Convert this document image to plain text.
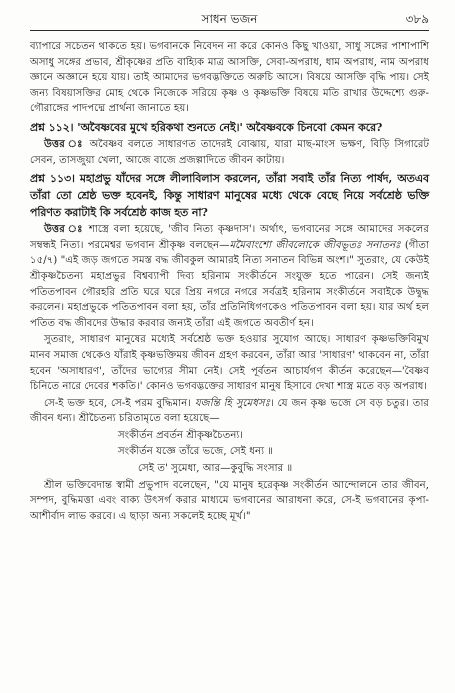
সাধন ভজন	৩৮৯

ব্যাপারে সচেতন থাকতে হয়। ভগবানকে নিবেদন না করে কোনও কিছু খাওয়া, সাধু সঙ্গের পাশাপাশি অসাধু সঙ্গের প্রভাব, শ্রীকৃষ্ণের প্রতি বাহ্যিক মাত্র আসক্তি, সেবা-অপরাধ, ধাম অপরাধ, নাম অপরাধ জ্ঞানে অজ্ঞানে হয়ে যায়। তাই আমাদের ভগবদ্ভক্তিতে অরুচি আসে। বিষয়ে আসক্তি বৃদ্ধি পায়। সেই জন্য বিষয়াসক্তির মোহ থেকে নিজেকে সরিয়ে কৃষ্ণ ও কৃষ্ণভক্তি বিষয়ে মতি রাখার উদ্দেশ্যে গুরু-গৌরাঙ্গের পাদপদ্মে প্রার্থনা জানাতে হয়।

প্রশ্ন ১১২। 'অবৈষ্ণবের মুখে হরিকথা শুনতে নেই।' অবৈষ্ণবকে চিনবো কেমন করে?

উত্তর ঃ অবৈষ্ণব বলতে সাধারণত তাদেরই বোঝায়, যারা মাছ-মাংস ভক্ষণ, বিড়ি সিগারেট সেবন, তাসজুয়া খেলা, আজে বাজে প্রজল্পাদিতে জীবন কাটায়।

প্রশ্ন ১১৩। মহাপ্রভু যাঁদের সঙ্গে লীলাবিলাস করলেন, তাঁরা সবাই তাঁর নিত্য পার্ষদ, অতএব তাঁরা তো শ্রেষ্ঠ ভক্ত হবেনই, কিন্তু সাধারণ মানুষের মধ্যে থেকে বেছে নিয়ে সর্বশ্রেষ্ঠ ভক্তি পরিণত করাটাই কি সর্বশ্রেষ্ঠ কাজ হত না?

উত্তর ঃ শাস্ত্রে বলা হয়েছে, 'জীব নিত্য কৃষ্ণদাস'। অর্থাৎ, ভগবানের সঙ্গে আমাদের সকলের সম্বন্ধই নিত্য। পরমেশ্বর ভগবান শ্রীকৃষ্ণ বলছেন—মমৈবাংশো জীবলোকে জীবভূতঃ সনাতনঃ (গীতা ১৫/৭) "এই জড় জগতে সমস্ত বদ্ধ জীবকুল আমারই নিত্য সনাতন বিভিন্ন অংশ।" সুতরাং, যে কেউই শ্রীকৃষ্ণচৈতন্য মহাপ্রভুর বিশ্বব্যাপী দিব্য হরিনাম সংকীর্তনে সংযুক্ত হতে পারেন। সেই জন্যই পতিতপাবন গৌরহরি প্রতি ঘরে ঘরে প্রিয় নগরে নগরে সর্বত্রই হরিনাম সংকীর্তনে সবাইকে উদ্বুদ্ধ করলেন। মহাপ্রভুকে পতিতপাবন বলা হয়, তাঁর প্রতিনিধিগণকেও পতিতপাবন বলা হয়। যার অর্থ হল পতিত বদ্ধ জীবদের উদ্ধার করবার জন্যই তাঁরা এই জগতে অবতীর্ণ হন।

সুতরাং, সাধারণ মানুষের মধ্যেই সর্বশ্রেষ্ঠ ভক্ত হওয়ার সুযোগ আছে। সাধারণ কৃষ্ণভক্তিবিমুখ মানব সমাজ থেকেও যাঁরাই কৃষ্ণভক্তিময় জীবন গ্রহণ করবেন, তাঁরা আর 'সাধারণ' থাকবেন না, তাঁরা হবেন 'অসাধারণ', তাঁদের ভাগ্যের সীমা নেই। সেই পূর্বতন আচার্যগণ কীর্তন করেছেন—'বৈষ্ণব চিনিতে নারে দেবের শকতি।' কোনও ভগবদ্ভক্তের সাধারণ মানুষ হিসাবে দেখা শাস্ত্র মতে বড় অপরাধ।

সে-ই ভক্ত হবে, সে-ই পরম বুদ্ধিমান। যজন্তি হি সুমেধসঃ। যে জন কৃষ্ণ ভজে সে বড় চতুর। তার জীবন ধন্য। শ্রীচৈতন্য চরিতামৃতে বলা হয়েছে—

সংকীর্তন প্রবর্তন শ্রীকৃষ্ণচৈতন্য।

সংকীর্তন যজ্ঞে তাঁরে ভজে, সেই ধন্য ॥

সেই ত' সুমেধা, আর—কুবুদ্ধি সংসার ॥

শ্রীল ভক্তিবেদান্ত স্বামী প্রভুপাদ বলেছেন, "যে মানুষ হরেকৃষ্ণ সংকীর্তন আন্দোলনে তার জীবন, সম্পদ, বুদ্ধিমত্তা এবং বাক্য উৎসর্গ করার মাধ্যমে ভগবানের আরাধনা করে, সে-ই ভগবানের কৃপা-আশীর্বাদ লাভ করবে। এ ছাড়া অন্য সকলেই হচ্ছে মূর্খ।"
